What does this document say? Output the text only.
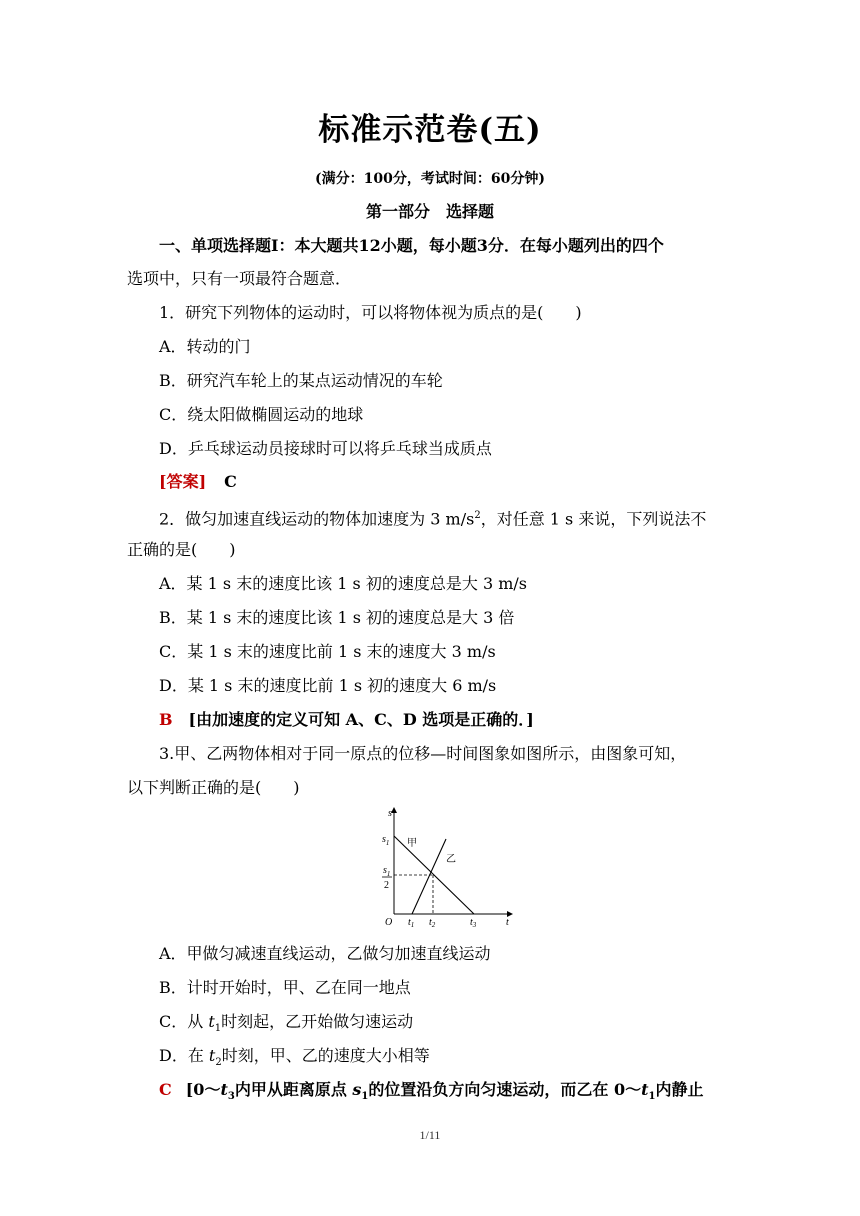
标准示范卷(五)
(满分：100分，考试时间：60分钟)
第一部分　选择题
一、单项选择题Ⅰ：本大题共12小题，每小题3分．在每小题列出的四个
选项中，只有一项最符合题意．
1．研究下列物体的运动时，可以将物体视为质点的是(　　)
A．转动的门
B．研究汽车轮上的某点运动情况的车轮
C．绕太阳做椭圆运动的地球
D．乒乓球运动员接球时可以将乒乓球当成质点
[答案] C
2．做匀加速直线运动的物体加速度为 3 $m/s^2$，对任意 1 s 来说，下列说法不
正确的是(　　)
A．某 1 s 末的速度比该 1 s 初的速度总是大 3 m/s
B．某 1 s 末的速度比该 1 s 初的速度总是大 3 倍
C．某 1 s 末的速度比前 1 s 末的速度大 3 m/s
D．某 1 s 末的速度比前 1 s 初的速度大 6 m/s
B [由加速度的定义可知 A、C、D 选项是正确的．]
3.甲、乙两物体相对于同一原点的位移—时间图象如图所示，由图象可知，
以下判断正确的是(　　)
s
t
O
$s_1$
$s_1$
2
甲
乙
$t_1$ $t_2$	$t_3$
A．甲做匀减速直线运动，乙做匀加速直线运动
B．计时开始时，甲、乙在同一地点
C．从 $t_1$时刻起，乙开始做匀速运动
D．在 $t_2$时刻，甲、乙的速度大小相等
C [$0\sim t_3$内甲从距离原点 $s_1$的位置沿负方向匀速运动，而乙在 $0\sim t_1$内静止
1/11
